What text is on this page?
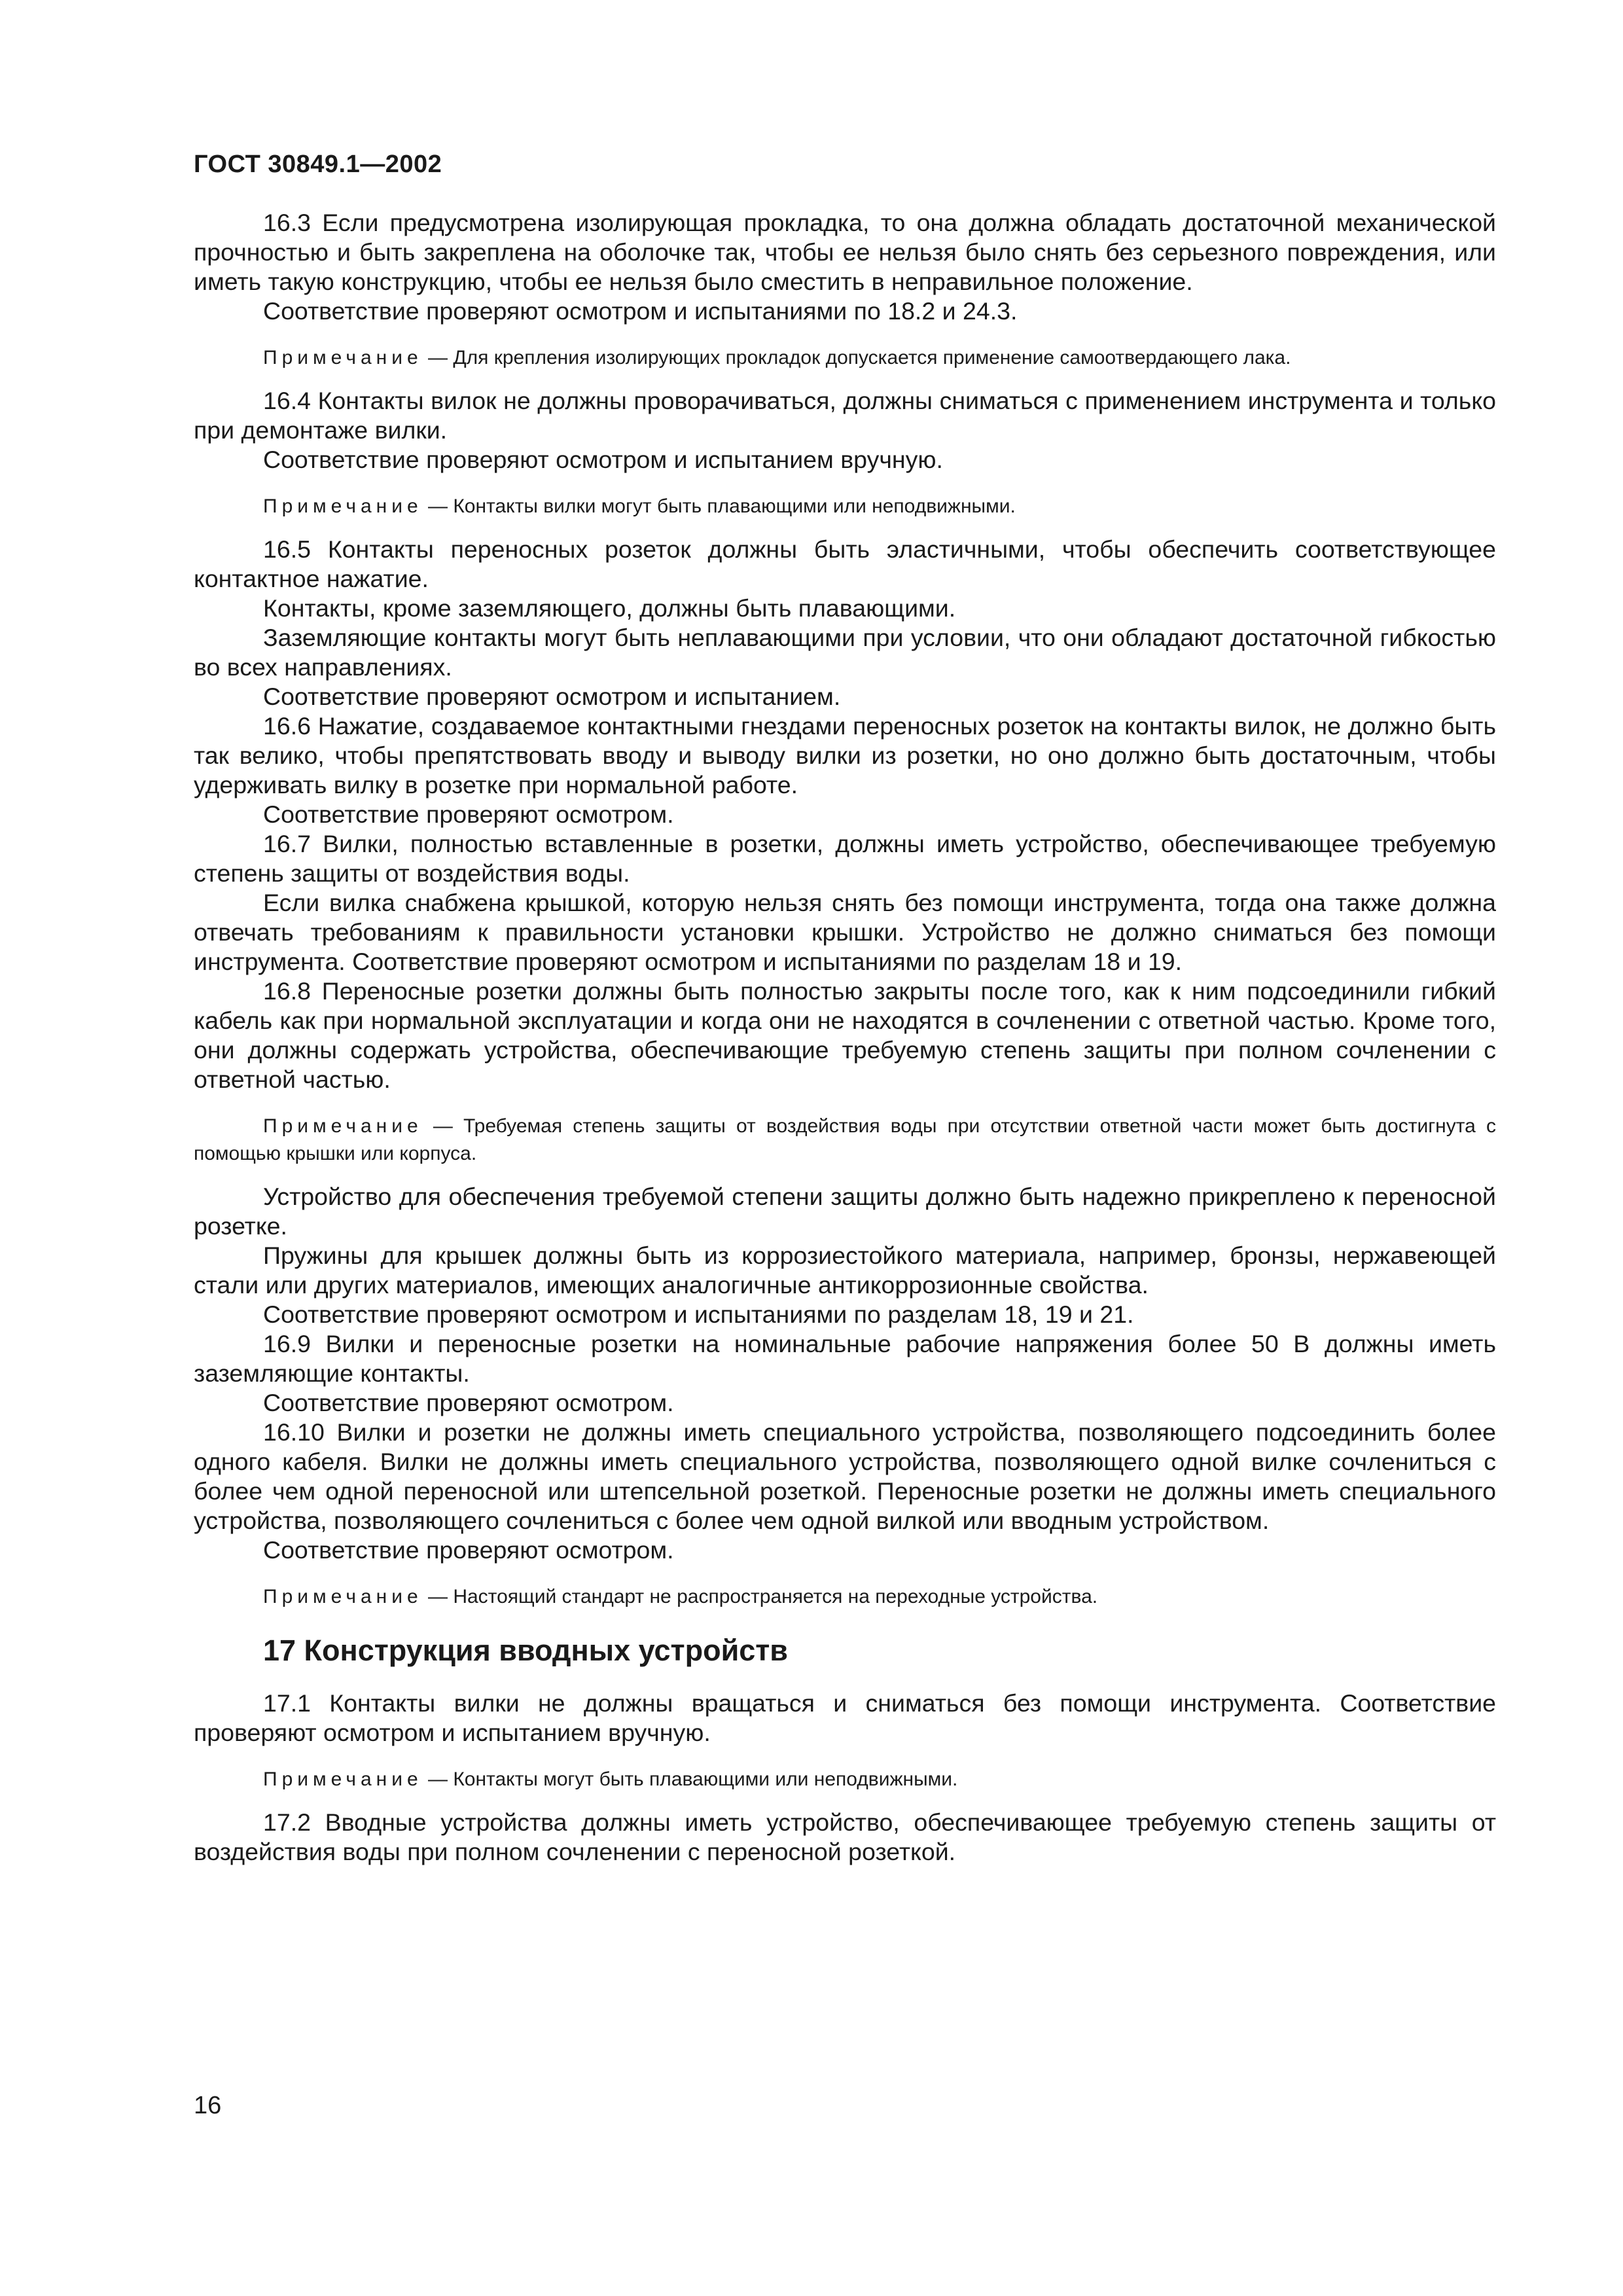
ГОСТ 30849.1—2002

16.3 Если предусмотрена изолирующая прокладка, то она должна обладать достаточной механической прочностью и быть закреплена на оболочке так, чтобы ее нельзя было снять без серьезного повреждения, или иметь такую конструкцию, чтобы ее нельзя было сместить в неправильное положение.

Соответствие проверяют осмотром и испытаниями по 18.2 и 24.3.

Примечание — Для крепления изолирующих прокладок допускается применение самоотвердающего лака.

16.4 Контакты вилок не должны проворачиваться, должны сниматься с применением инструмента и только при демонтаже вилки.

Соответствие проверяют осмотром и испытанием вручную.

Примечание — Контакты вилки могут быть плавающими или неподвижными.

16.5 Контакты переносных розеток должны быть эластичными, чтобы обеспечить соответствующее контактное нажатие.

Контакты, кроме заземляющего, должны быть плавающими.

Заземляющие контакты могут быть неплавающими при условии, что они обладают достаточной гибкостью во всех направлениях.

Соответствие проверяют осмотром и испытанием.

16.6 Нажатие, создаваемое контактными гнездами переносных розеток на контакты вилок, не должно быть так велико, чтобы препятствовать вводу и выводу вилки из розетки, но оно должно быть достаточным, чтобы удерживать вилку в розетке при нормальной работе.

Соответствие проверяют осмотром.

16.7 Вилки, полностью вставленные в розетки, должны иметь устройство, обеспечивающее требуемую степень защиты от воздействия воды.

Если вилка снабжена крышкой, которую нельзя снять без помощи инструмента, тогда она также должна отвечать требованиям к правильности установки крышки. Устройство не должно сниматься без помощи инструмента. Соответствие проверяют осмотром и испытаниями по разделам 18 и 19.

16.8 Переносные розетки должны быть полностью закрыты после того, как к ним подсоединили гибкий кабель как при нормальной эксплуатации и когда они не находятся в сочленении с ответной частью. Кроме того, они должны содержать устройства, обеспечивающие требуемую степень защиты при полном сочленении с ответной частью.

Примечание — Требуемая степень защиты от воздействия воды при отсутствии ответной части может быть достигнута с помощью крышки или корпуса.

Устройство для обеспечения требуемой степени защиты должно быть надежно прикреплено к переносной розетке.

Пружины для крышек должны быть из коррозиестойкого материала, например, бронзы, нержавеющей стали или других материалов, имеющих аналогичные антикоррозионные свойства.

Соответствие проверяют осмотром и испытаниями по разделам 18, 19 и 21.

16.9 Вилки и переносные розетки на номинальные рабочие напряжения более 50 В должны иметь заземляющие контакты.

Соответствие проверяют осмотром.

16.10 Вилки и розетки не должны иметь специального устройства, позволяющего подсоединить более одного кабеля. Вилки не должны иметь специального устройства, позволяющего одной вилке сочлениться с более чем одной переносной или штепсельной розеткой. Переносные розетки не должны иметь специального устройства, позволяющего сочлениться с более чем одной вилкой или вводным устройством.

Соответствие проверяют осмотром.

Примечание — Настоящий стандарт не распространяется на переходные устройства.

17 Конструкция вводных устройств

17.1 Контакты вилки не должны вращаться и сниматься без помощи инструмента. Соответствие проверяют осмотром и испытанием вручную.

Примечание — Контакты могут быть плавающими или неподвижными.

17.2 Вводные устройства должны иметь устройство, обеспечивающее требуемую степень защиты от воздействия воды при полном сочленении с переносной розеткой.

16
